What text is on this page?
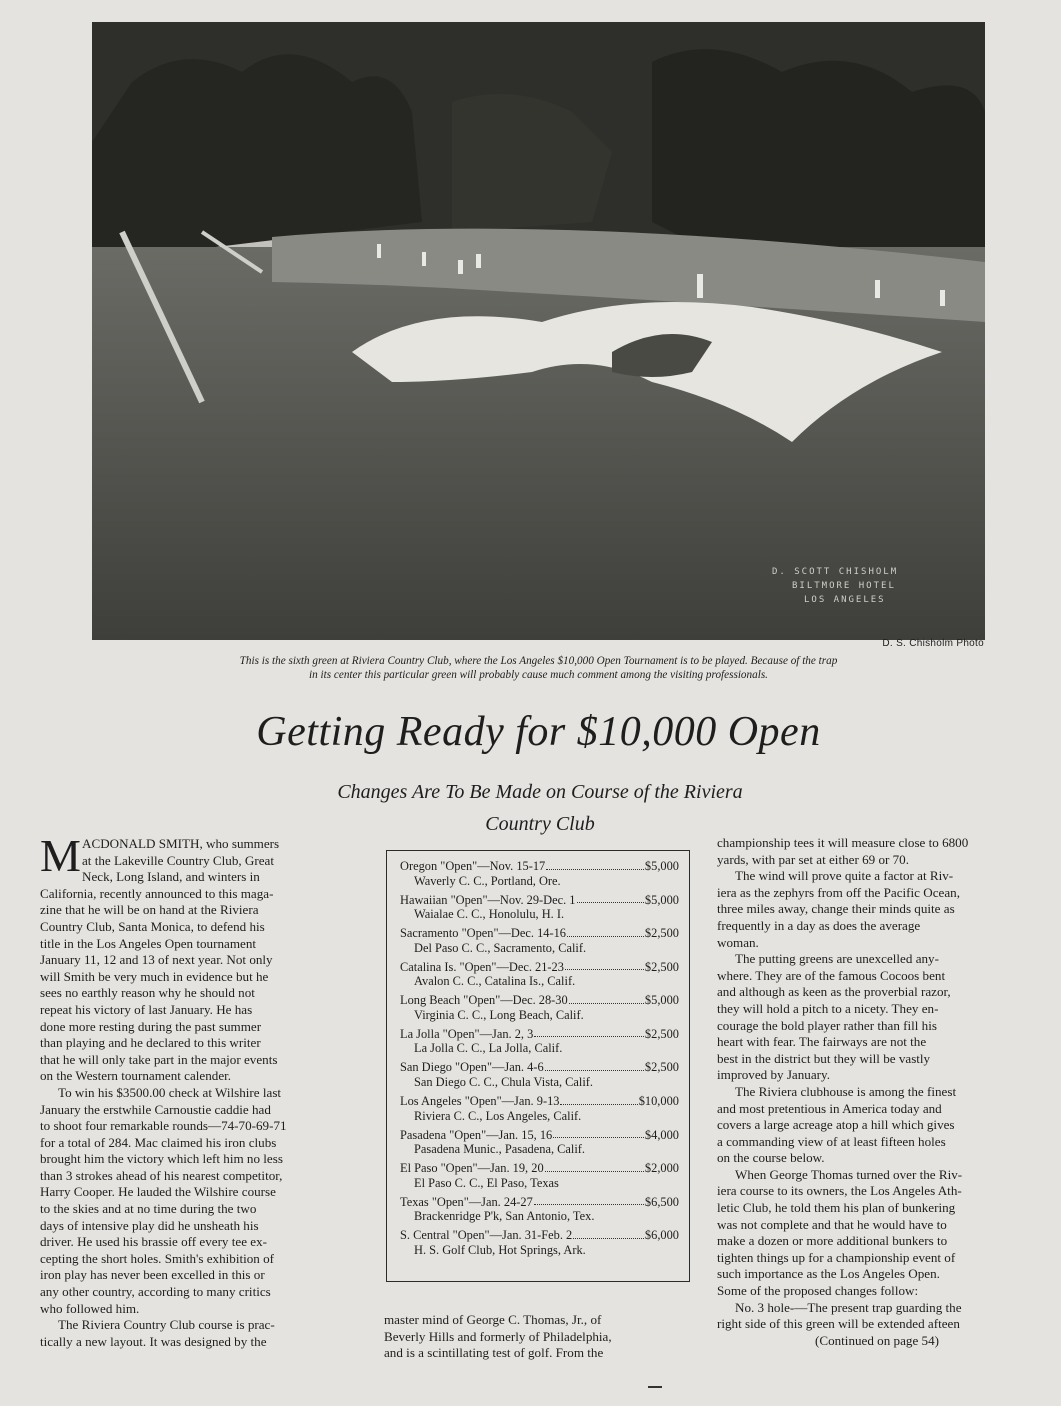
D. SCOTT CHISHOLM
BILTMORE HOTEL
LOS ANGELES
D. S. Chisholm Photo
This is the sixth green at Riviera Country Club, where the Los Angeles $10,000 Open Tournament is to be played. Because of the trap
in its center this particular green will probably cause much comment among the visiting professionals.
Getting Ready for $10,000 Open
Changes Are To Be Made on Course of the Riviera
Country Club
M ACDONALD SMITH, who summers
at the Lakeville Country Club, Great
Neck, Long Island, and winters in
California, recently announced to this maga-
zine that he will be on hand at the Riviera
Country Club, Santa Monica, to defend his
title in the Los Angeles Open tournament
January 11, 12 and 13 of next year. Not only
will Smith be very much in evidence but he
sees no earthly reason why he should not
repeat his victory of last January. He has
done more resting during the past summer
than playing and he declared to this writer
that he will only take part in the major events
on the Western tournament calender.
To win his $3500.00 check at Wilshire last
January the erstwhile Carnoustie caddie had
to shoot four remarkable rounds—74-70-69-71
for a total of 284. Mac claimed his iron clubs
brought him the victory which left him no less
than 3 strokes ahead of his nearest competitor,
Harry Cooper. He lauded the Wilshire course
to the skies and at no time during the two
days of intensive play did he unsheath his
driver. He used his brassie off every tee ex-
cepting the short holes. Smith's exhibition of
iron play has never been excelled in this or
any other country, according to many critics
who followed him.
The Riviera Country Club course is prac-
tically a new layout. It was designed by the
Oregon "Open"—Nov. 15-17	$5,000
Waverly C. C., Portland, Ore.
Hawaiian "Open"—Nov. 29-Dec. 1	$5,000
Waialae C. C., Honolulu, H. I.
Sacramento "Open"—Dec. 14-16	$2,500
Del Paso C. C., Sacramento, Calif.
Catalina Is. "Open"—Dec. 21-23	$2,500
Avalon C. C., Catalina Is., Calif.
Long Beach "Open"—Dec. 28-30	$5,000
Virginia C. C., Long Beach, Calif.
La Jolla "Open"—Jan. 2, 3	$2,500
La Jolla C. C., La Jolla, Calif.
San Diego "Open"—Jan. 4-6	$2,500
San Diego C. C., Chula Vista, Calif.
Los Angeles "Open"—Jan. 9-13	$10,000
Riviera C. C., Los Angeles, Calif.
Pasadena "Open"—Jan. 15, 16	$4,000
Pasadena Munic., Pasadena, Calif.
El Paso "Open"—Jan. 19, 20	$2,000
El Paso C. C., El Paso, Texas
Texas "Open"—Jan. 24-27	$6,500
Brackenridge P'k, San Antonio, Tex.
S. Central "Open"—Jan. 31-Feb. 2	$6,000
H. S. Golf Club, Hot Springs, Ark.
master mind of George C. Thomas, Jr., of
Beverly Hills and formerly of Philadelphia,
and is a scintillating test of golf. From the
championship tees it will measure close to 6800
yards, with par set at either 69 or 70.
The wind will prove quite a factor at Riv-
iera as the zephyrs from off the Pacific Ocean,
three miles away, change their minds quite as
frequently in a day as does the average
woman.
The putting greens are unexcelled any-
where. They are of the famous Cocoos bent
and although as keen as the proverbial razor,
they will hold a pitch to a nicety. They en-
courage the bold player rather than fill his
heart with fear. The fairways are not the
best in the district but they will be vastly
improved by January.
The Riviera clubhouse is among the finest
and most pretentious in America today and
covers a large acreage atop a hill which gives
a commanding view of at least fifteen holes
on the course below.
When George Thomas turned over the Riv-
iera course to its owners, the Los Angeles Ath-
letic Club, he told them his plan of bunkering
was not complete and that he would have to
make a dozen or more additional bunkers to
tighten things up for a championship event of
such importance as the Los Angeles Open.
Some of the proposed changes follow:
No. 3 hole-—The present trap guarding the
right side of this green will be extended afteen
(Continued on page 54)
